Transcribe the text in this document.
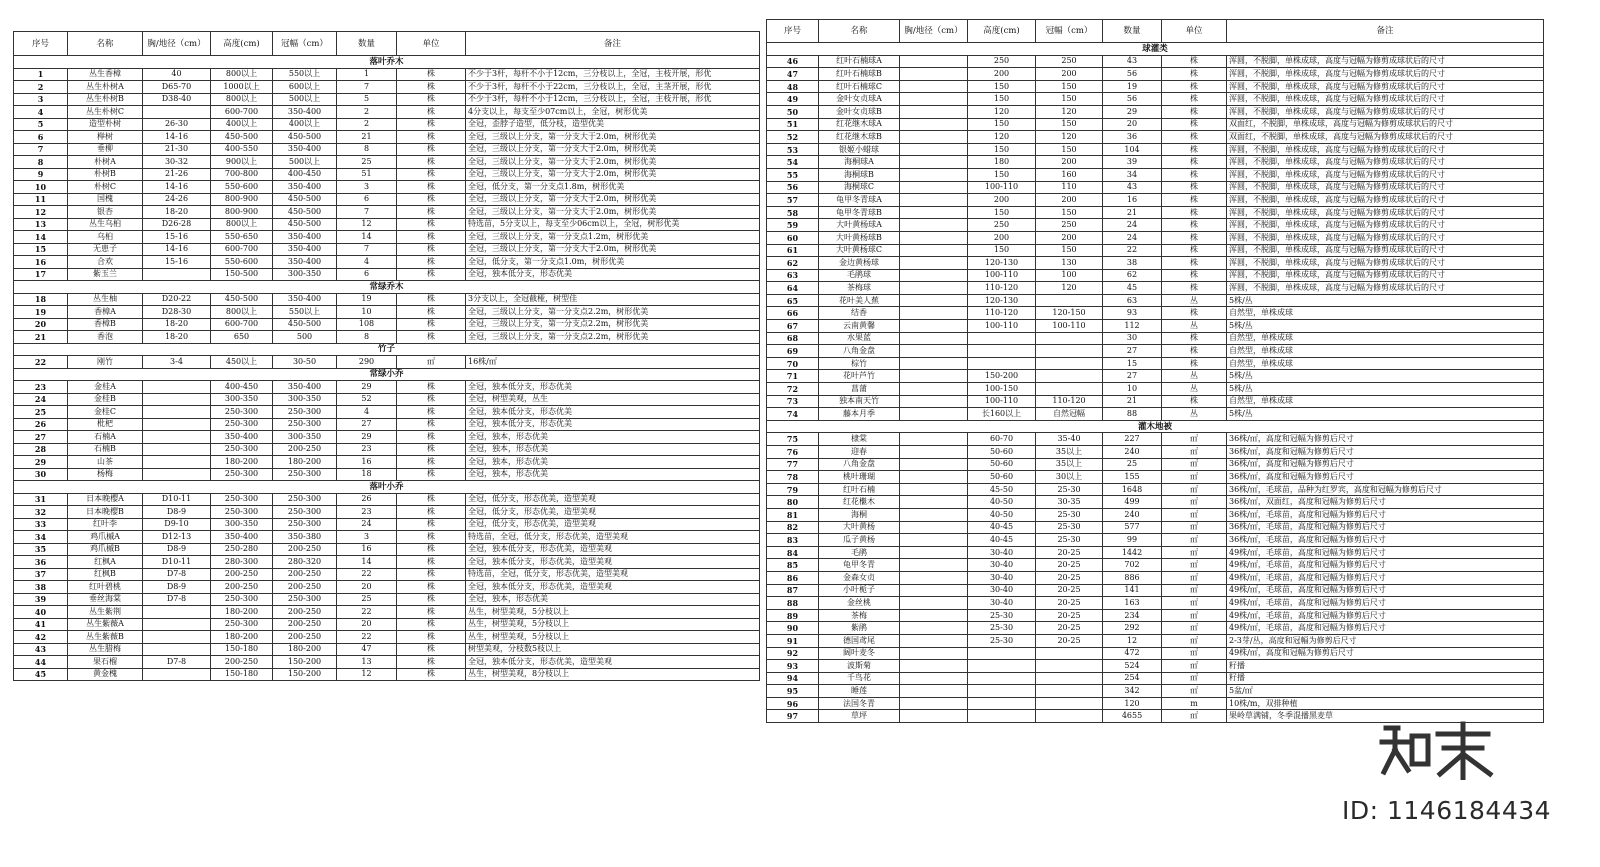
序号	名称	胸/地径（cm）	高度(cm)	冠幅（cm）	数量	单位	备注
落叶乔木							
1	丛生香樟	40	800以上	550以上	1	株	不少于3杆，每杆不小于12cm，三分枝以上，全冠，主枝开展，形优
2	丛生朴树A	D65-70	1000以上	600以上	7	株	不少于3杆，每杆不小于22cm，三分枝以上，全冠，主茎开展，形优
3	丛生朴树B	D38-40	800以上	500以上	5	株	不少于3杆，每杆不小于12cm，三分枝以上，全冠，主枝开展，形优
4	丛生朴树C		600-700	350-400	2	株	4分支以上，每支至少07cm以上，全冠，树形优美
5	造型朴树	26-30	400以上	400以上	2	株	全冠，歪脖子造型，低分枝，造型优美
6	榉树	14-16	450-500	450-500	21	株	全冠，三级以上分支，第一分支大于2.0m，树形优美
7	垂柳	21-30	400-550	350-400	8	株	全冠，三级以上分支，第一分支大于2.0m，树形优美
8	朴树A	30-32	900以上	500以上	25	株	全冠，三级以上分支，第一分支大于2.0m，树形优美
9	朴树B	21-26	700-800	400-450	51	株	全冠，三级以上分支，第一分支大于2.0m，树形优美
10	朴树C	14-16	550-600	350-400	3	株	全冠，低分支，第一分支点1.8m，树形优美
11	国槐	24-26	800-900	450-500	6	株	全冠，三级以上分支，第一分支大于2.0m，树形优美
12	银杏	18-20	800-900	450-500	7	株	全冠，三级以上分支，第一分支大于2.0m，树形优美
13	丛生乌桕	D26-28	800以上	450-500	12	株	特选苗，5分支以上，每支至少06cm以上，全冠，树形优美
14	乌桕	15-16	550-650	350-400	14	株	全冠，三级以上分支，第一分支点1.2m，树形优美
15	无患子	14-16	600-700	350-400	7	株	全冠，三级以上分支，第一分支大于2.0m，树形优美
16	合欢	15-16	550-600	350-400	4	株	全冠，低分支，第一分支点1.0m，树形优美
17	紫玉兰		150-500	300-350	6	株	全冠，独本低分支，形态优美
常绿乔木							
18	丛生柚	D20-22	450-500	350-400	19	株	3分支以上，全冠截桠，树型佳
19	香樟A	D28-30	800以上	550以上	10	株	全冠，三级以上分支，第一分支点2.2m，树形优美
20	香樟B	18-20	600-700	450-500	108	株	全冠，三级以上分支，第一分支点2.2m，树形优美
21	香泡	18-20	650	500	8	株	全冠，三级以上分支，第一分支点2.2m，树形优美
竹子							
22	刚竹	3-4	450以上	30-50	290	㎡	16株/㎡
常绿小乔							
23	金桂A		400-450	350-400	29	株	全冠，独本低分支，形态优美
24	金桂B		300-350	300-350	52	株	全冠，树型美观，丛生
25	金桂C		250-300	250-300	4	株	全冠，独本低分支，形态优美
26	枇杷		250-300	250-300	27	株	全冠，独本低分支，形态优美
27	石楠A		350-400	300-350	29	株	全冠，独本，形态优美
28	石楠B		250-300	200-250	23	株	全冠，独本，形态优美
29	山茶		180-200	180-200	16	株	全冠，独本，形态优美
30	杨梅		250-300	250-300	18	株	全冠，独本，形态优美
落叶小乔							
31	日本晚樱A	D10-11	250-300	250-300	26	株	全冠，低分支，形态优美，造型美观
32	日本晚樱B	D8-9	250-300	250-300	23	株	全冠，低分支，形态优美，造型美观
33	红叶李	D9-10	300-350	250-300	24	株	全冠，低分支，形态优美，造型美观
34	鸡爪槭A	D12-13	350-400	350-380	3	株	特选苗，全冠，低分支，形态优美，造型美观
35	鸡爪槭B	D8-9	250-280	200-250	16	株	全冠，独本低分支，形态优美，造型美观
36	红枫A	D10-11	280-300	280-320	14	株	全冠，独本低分支，形态优美，造型美观
37	红枫B	D7-8	200-250	200-250	22	株	特选苗，全冠，低分支，形态优美，造型美观
38	红叶碧桃	D8-9	200-250	200-250	20	株	全冠，独本低分支，形态优美，造型美观
39	垂丝海棠	D7-8	250-300	250-300	25	株	全冠，独本，形态优美
40	丛生紫荆		180-200	200-250	22	株	丛生，树型美观，5分枝以上
41	丛生紫薇A		250-300	200-250	20	株	丛生，树型美观，5分枝以上
42	丛生紫薇B		180-200	200-250	22	株	丛生，树型美观，5分枝以上
43	丛生腊梅		150-180	180-200	47	株	树型美观，分枝数5枝以上
44	果石榴	D7-8	200-250	150-200	13	株	全冠，独本低分支，形态优美，造型美观
45	黄金槐		150-180	150-200	12	株	丛生，树型美观，8分枝以上
序号	名称	胸/地径（cm）	高度(cm)	冠幅（cm）	数量	单位	备注
球灌类							
46	红叶石楠球A		250	250	43	株	浑圆，不脱脚，单株成球，高度与冠幅为修剪成球状后的尺寸
47	红叶石楠球B		200	200	56	株	浑圆，不脱脚，单株成球，高度与冠幅为修剪成球状后的尺寸
48	红叶石楠球C		150	150	19	株	浑圆，不脱脚，单株成球，高度与冠幅为修剪成球状后的尺寸
49	金叶女贞球A		150	150	56	株	浑圆，不脱脚，单株成球，高度与冠幅为修剪成球状后的尺寸
50	金叶女贞球B		120	120	29	株	浑圆，不脱脚，单株成球，高度与冠幅为修剪成球状后的尺寸
51	红花继木球A		150	150	20	株	双面红，不脱脚，单株成球，高度与冠幅为修剪成球状后的尺寸
52	红花继木球B		120	120	36	株	双面红，不脱脚，单株成球，高度与冠幅为修剪成球状后的尺寸
53	银姬小蜡球		150	150	104	株	浑圆，不脱脚，单株成球，高度与冠幅为修剪成球状后的尺寸
54	海桐球A		180	200	39	株	浑圆，不脱脚，单株成球，高度与冠幅为修剪成球状后的尺寸
55	海桐球B		150	160	34	株	浑圆，不脱脚，单株成球，高度与冠幅为修剪成球状后的尺寸
56	海桐球C		100-110	110	43	株	浑圆，不脱脚，单株成球，高度与冠幅为修剪成球状后的尺寸
57	龟甲冬青球A		200	200	16	株	浑圆，不脱脚，单株成球，高度与冠幅为修剪成球状后的尺寸
58	龟甲冬青球B		150	150	21	株	浑圆，不脱脚，单株成球，高度与冠幅为修剪成球状后的尺寸
59	大叶黄杨球A		250	250	24	株	浑圆，不脱脚，单株成球，高度与冠幅为修剪成球状后的尺寸
60	大叶黄杨球B		200	200	24	株	浑圆，不脱脚，单株成球，高度与冠幅为修剪成球状后的尺寸
61	大叶黄杨球C		150	150	22	株	浑圆，不脱脚，单株成球，高度与冠幅为修剪成球状后的尺寸
62	金边黄杨球		120-130	130	38	株	浑圆，不脱脚，单株成球，高度与冠幅为修剪成球状后的尺寸
63	毛鹃球		100-110	100	62	株	浑圆，不脱脚，单株成球，高度与冠幅为修剪成球状后的尺寸
64	茶梅球		110-120	120	45	株	浑圆，不脱脚，单株成球，高度与冠幅为修剪成球状后的尺寸
65	花叶美人蕉		120-130		63	丛	5株/丛
66	结香		110-120	120-150	93	株	自然型，单株成球
67	云南黄馨		100-110	100-110	112	丛	5株/丛
68	水果蓝				30	株	自然型，单株成球
69	八角金盘				27	株	自然型，单株成球
70	棕竹				15	株	自然型，单株成球
71	花叶芦竹		150-200		27	丛	5株/丛
72	菖蒲		100-150		10	丛	5株/丛
73	独本南天竹		100-110	110-120	21	株	自然型，单株成球
74	藤本月季		长160以上	自然冠幅	88	丛	5株/丛
灌木地被							
75	棣棠		60-70	35-40	227	㎡	36株/㎡，高度和冠幅为修剪后尺寸
76	迎春		50-60	35以上	240	㎡	36株/㎡，高度和冠幅为修剪后尺寸
77	八角金盘		50-60	35以上	25	㎡	36株/㎡，高度和冠幅为修剪后尺寸
78	桃叶珊瑚		50-60	30以上	155	㎡	36株/㎡，高度和冠幅为修剪后尺寸
79	红叶石楠		45-50	25-30	1648	㎡	36株/㎡，毛球苗，品种为红罗宾，高度和冠幅为修剪后尺寸
80	红花檵木		40-50	30-35	499	㎡	36株/㎡，双面红，高度和冠幅为修剪后尺寸
81	海桐		40-50	25-30	240	㎡	36株/㎡，毛球苗，高度和冠幅为修剪后尺寸
82	大叶黄杨		40-45	25-30	577	㎡	36株/㎡，毛球苗，高度和冠幅为修剪后尺寸
83	瓜子黄杨		40-45	25-30	99	㎡	36株/㎡，毛球苗，高度和冠幅为修剪后尺寸
84	毛鹃		30-40	20-25	1442	㎡	49株/㎡，毛球苗，高度和冠幅为修剪后尺寸
85	龟甲冬青		30-40	20-25	702	㎡	49株/㎡，毛球苗，高度和冠幅为修剪后尺寸
86	金森女贞		30-40	20-25	886	㎡	49株/㎡，毛球苗，高度和冠幅为修剪后尺寸
87	小叶栀子		30-40	20-25	141	㎡	49株/㎡，毛球苗，高度和冠幅为修剪后尺寸
88	金丝桃		30-40	20-25	163	㎡	49株/㎡，毛球苗，高度和冠幅为修剪后尺寸
89	茶梅		25-30	20-25	234	㎡	49株/㎡，毛球苗，高度和冠幅为修剪后尺寸
90	紫鹃		25-30	20-25	292	㎡	49株/㎡，毛球苗，高度和冠幅为修剪后尺寸
91	德国鸢尾		25-30	20-25	12	㎡	2-3芽/丛，高度和冠幅为修剪后尺寸
92	阔叶麦冬				472	㎡	49株/㎡，高度和冠幅为修剪后尺寸
93	波斯菊				524	㎡	籽播
94	千鸟花				254	㎡	籽播
95	睡莲				342	㎡	5盆/㎡
96	法国冬青				120	m	10株/m，双排种植
97	草坪				4655	㎡	果岭草满铺，冬季混播黑麦草
ID: 1146184434
